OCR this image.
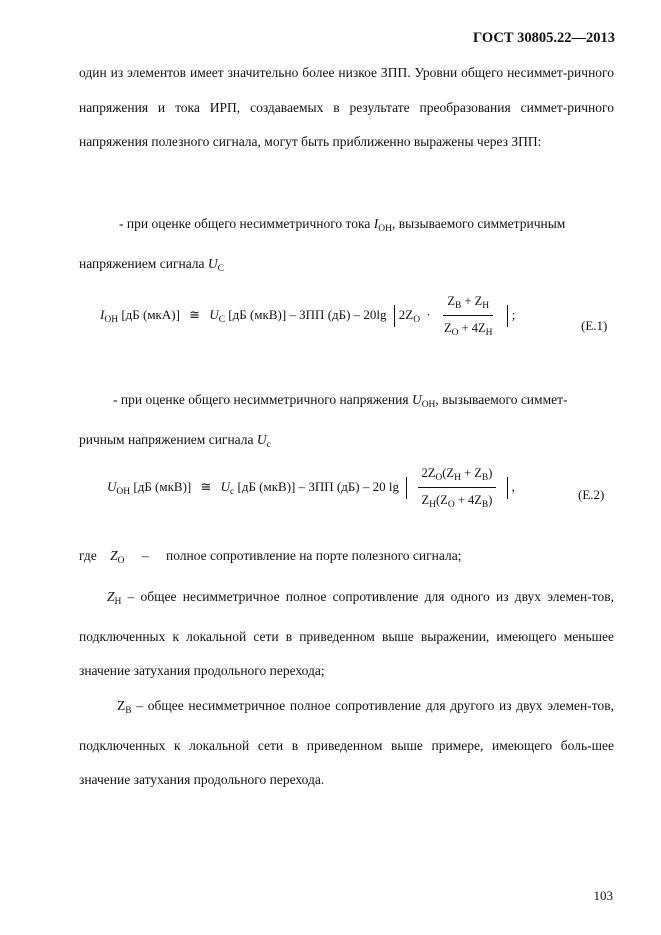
ГОСТ 30805.22—2013

один из элементов имеет значительно более низкое ЗПП. Уровни общего несиммет-ричного напряжения и тока ИРП, создаваемых в результате преобразования симмет-ричного напряжения полезного сигнала, могут быть приближенно выражены через ЗПП:

- при оценке общего несимметричного тока $I_{ОН}$, вызываемого симметричным
напряжением сигнала $U_С$
$I_{ОН}$ [дБ (мкА)] ≅ $U_С$ [дБ (мкВ)] – ЗПП (дБ) – 20lg $2Z_O \cdot \frac{Z_В + Z_Н}{Z_O + 4Z_Н}$ ;
(Е.1)
- при оценке общего несимметричного напряжения $U_{ОН}$, вызываемого симмет-
ричным напряжением сигнала $U_с$
$U_{ОН}$ [дБ (мкВ)] ≅ $U_с$ [дБ (мкВ)] – ЗПП (дБ) – 20 $\lg \frac{2Z_O(Z_Н + Z_В)}{Z_Н(Z_O + 4Z_В)}$ ,
(Е.2)
где $Z_O$ – полное сопротивление на порте полезного сигнала;

$Z_Н$ – общее несимметричное полное сопротивление для одного из двух элемен-тов, подключенных к локальной сети в приведенном выше выражении, имеющего меньшее значение затухания продольного перехода;

$Z_В$ – общее несимметричное полное сопротивление для другого из двух элемен-тов, подключенных к локальной сети в приведенном выше примере, имеющего боль-шее значение затухания продольного перехода.

103
